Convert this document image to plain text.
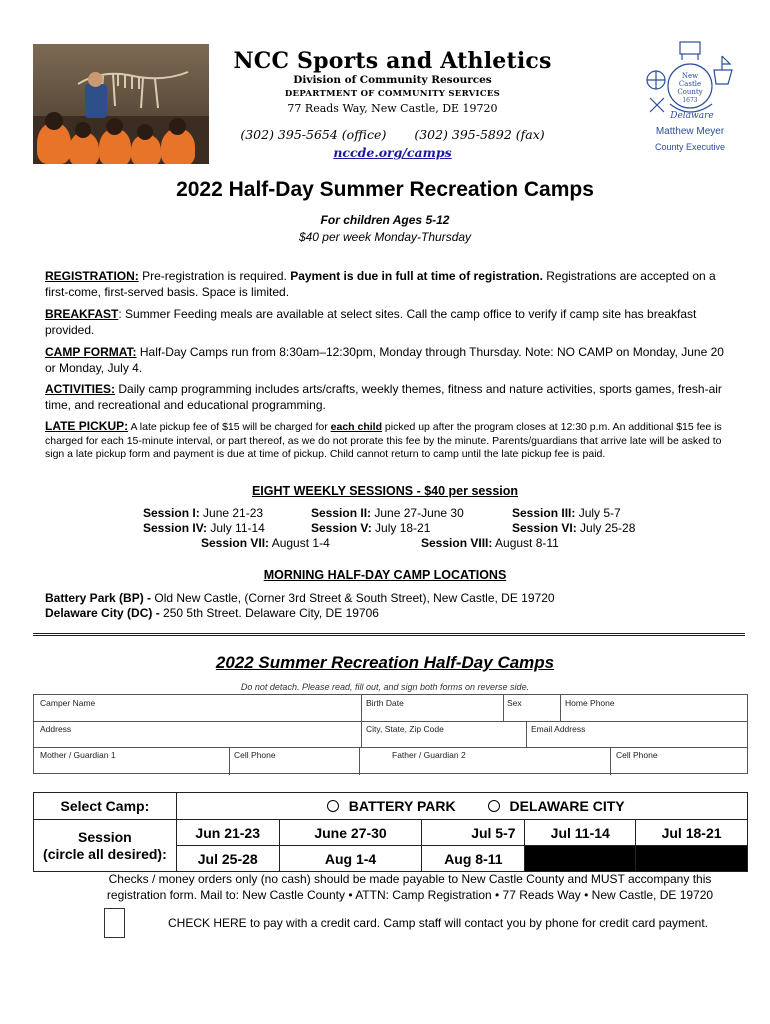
NCC Sports and Athletics
Division of Community Resources
DEPARTMENT OF COMMUNITY SERVICES
77 Reads Way, New Castle, DE 19720
(302) 395-5654 (office) (302) 395-5892 (fax)
nccde.org/camps
New
Castle
County
1673
Delaware
Matthew Meyer
County Executive
2022 Half-Day Summer Recreation Camps
For children Ages 5-12
$40 per week Monday-Thursday
REGISTRATION: Pre-registration is required. Payment is due in full at time of registration. Registrations are accepted on a first-come, first-served basis. Space is limited.
BREAKFAST: Summer Feeding meals are available at select sites. Call the camp office to verify if camp site has breakfast provided.
CAMP FORMAT: Half-Day Camps run from 8:30am–12:30pm, Monday through Thursday. Note: NO CAMP on Monday, June 20 or Monday, July 4.
ACTIVITIES: Daily camp programming includes arts/crafts, weekly themes, fitness and nature activities, sports games, fresh-air time, and recreational and educational programming.
LATE PICKUP: A late pickup fee of $15 will be charged for each child picked up after the program closes at 12:30 p.m. An additional $15 fee is charged for each 15-minute interval, or part thereof, as we do not prorate this fee by the minute. Parents/guardians that arrive late will be asked to sign a late pickup form and payment is due at time of pickup. Child cannot return to camp until the late pickup fee is paid.
EIGHT WEEKLY SESSIONS - $40 per session
Session I: June 21-23	Session II: June 27-June 30	Session III: July 5-7
Session IV: July 11-14	Session V: July 18-21	Session VI: July 25-28
Session VII: August 1-4	Session VIII: August 8-11
MORNING HALF-DAY CAMP LOCATIONS
Battery Park (BP) - Old New Castle, (Corner 3rd Street & South Street), New Castle, DE 19720
Delaware City (DC) - 250 5th Street. Delaware City, DE 19706
2022 Summer Recreation Half-Day Camps
Do not detach. Please read, fill out, and sign both forms on reverse side.
Camper Name	Birth Date	Sex	Home Phone
Address	City, State, Zip Code	Email Address
Mother / Guardian 1	Cell Phone	Father / Guardian 2	Cell Phone
Select Camp:	BATTERY PARK DELAWARE CITY				

Session
(circle all desired):	Jun 21-23	June 27-30	Jul 5-7	Jul 11-14	Jul 18-21
	Jul 25-28	Aug 1-4	Aug 8-11		
Checks / money orders only (no cash) should be made payable to New Castle County and MUST accompany this registration form. Mail to: New Castle County • ATTN: Camp Registration • 77 Reads Way • New Castle, DE 19720
CHECK HERE to pay with a credit card. Camp staff will contact you by phone for credit card payment.
